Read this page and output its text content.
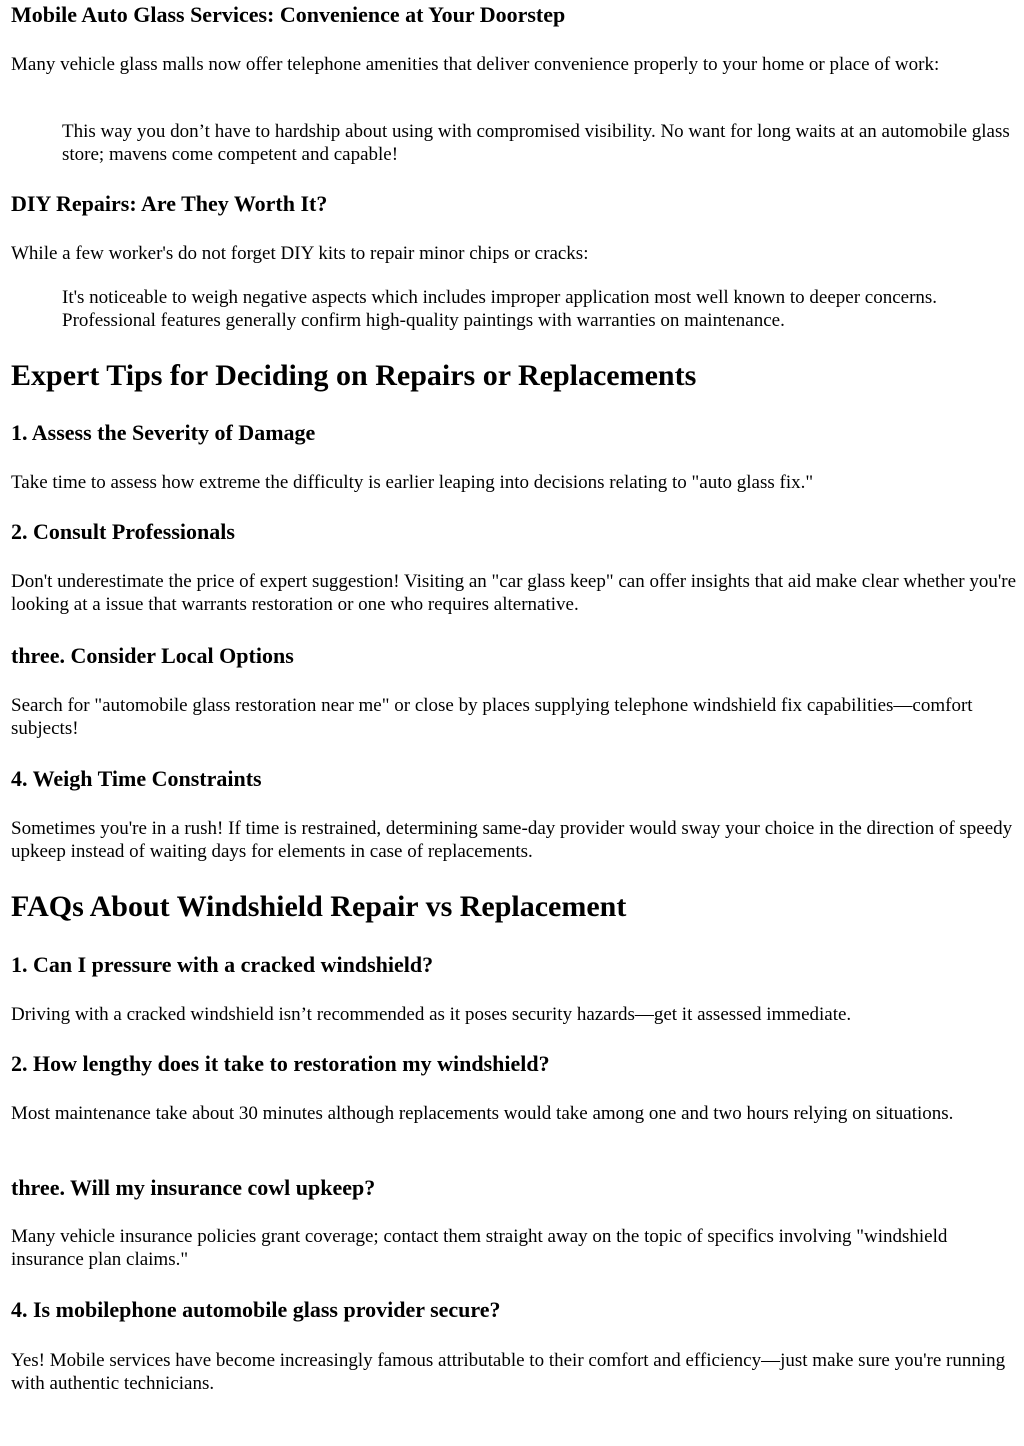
Mobile Auto Glass Services: Convenience at Your Doorstep

Many vehicle glass malls now offer telephone amenities that deliver convenience properly to your home or place of work:

This way you don’t have to hardship about using with compromised visibility. No want for long waits at an automobile glass store; mavens come competent and capable!
DIY Repairs: Are They Worth It?

While a few worker's do not forget DIY kits to repair minor chips or cracks:

It's noticeable to weigh negative aspects which includes improper application most well known to deeper concerns. Professional features generally confirm high-quality paintings with warranties on maintenance.
Expert Tips for Deciding on Repairs or Replacements
1. Assess the Severity of Damage

Take time to assess how extreme the difficulty is earlier leaping into decisions relating to "auto glass fix."

2. Consult Professionals

Don't underestimate the price of expert suggestion! Visiting an "car glass keep" can offer insights that aid make clear whether you're looking at a issue that warrants restoration or one who requires alternative.

three. Consider Local Options

Search for "automobile glass restoration near me" or close by places supplying telephone windshield fix capabilities—comfort subjects!

4. Weigh Time Constraints

Sometimes you're in a rush! If time is restrained, determining same-day provider would sway your choice in the direction of speedy upkeep instead of waiting days for elements in case of replacements.

FAQs About Windshield Repair vs Replacement
1. Can I pressure with a cracked windshield?

Driving with a cracked windshield isn’t recommended as it poses security hazards—get it assessed immediate.

2. How lengthy does it take to restoration my windshield?

Most maintenance take about 30 minutes although replacements would take among one and two hours relying on situations.

three. Will my insurance cowl upkeep?

Many vehicle insurance policies grant coverage; contact them straight away on the topic of specifics involving "windshield insurance plan claims."

4. Is mobilephone automobile glass provider secure?

Yes! Mobile services have become increasingly famous attributable to their comfort and efficiency—just make sure you're running with authentic technicians.
